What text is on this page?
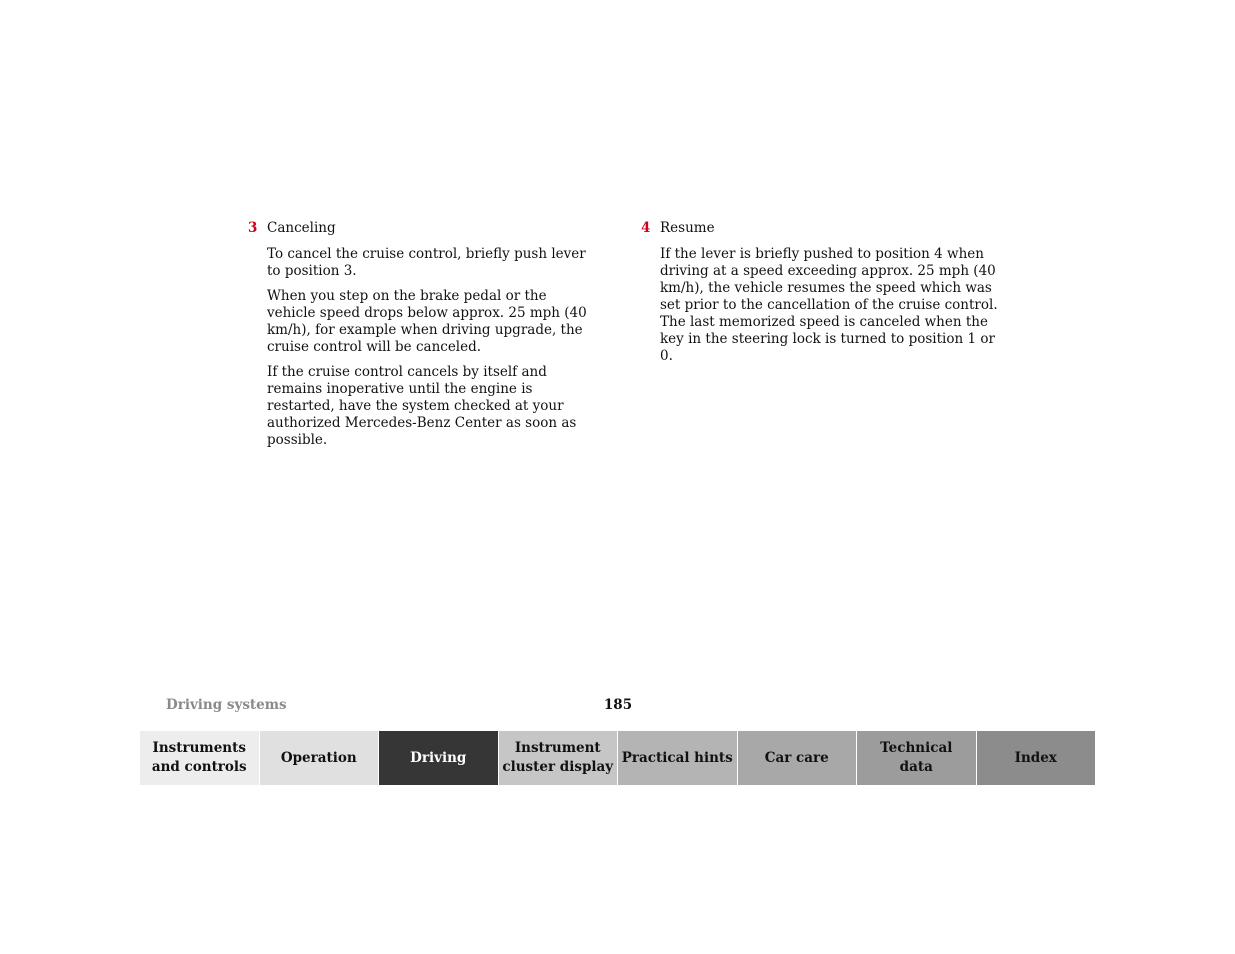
3 Canceling

To cancel the cruise control, briefly push lever to position 3.

When you step on the brake pedal or the vehicle speed drops below approx. 25 mph (40 km/h), for example when driving upgrade, the cruise control will be canceled.

If the cruise control cancels by itself and remains inoperative until the engine is restarted, have the system checked at your authorized Mercedes-Benz Center as soon as possible.

4 Resume

If the lever is briefly pushed to position 4 when driving at a speed exceeding approx. 25 mph (40 km/h), the vehicle resumes the speed which was set prior to the cancellation of the cruise control. The last memorized speed is canceled when the key in the steering lock is turned to position 1 or 0.

Driving systems	185
Instruments
and controls
Operation	Driving
Instrument
cluster display
Practical hints	Car care
Technical
data
Index
